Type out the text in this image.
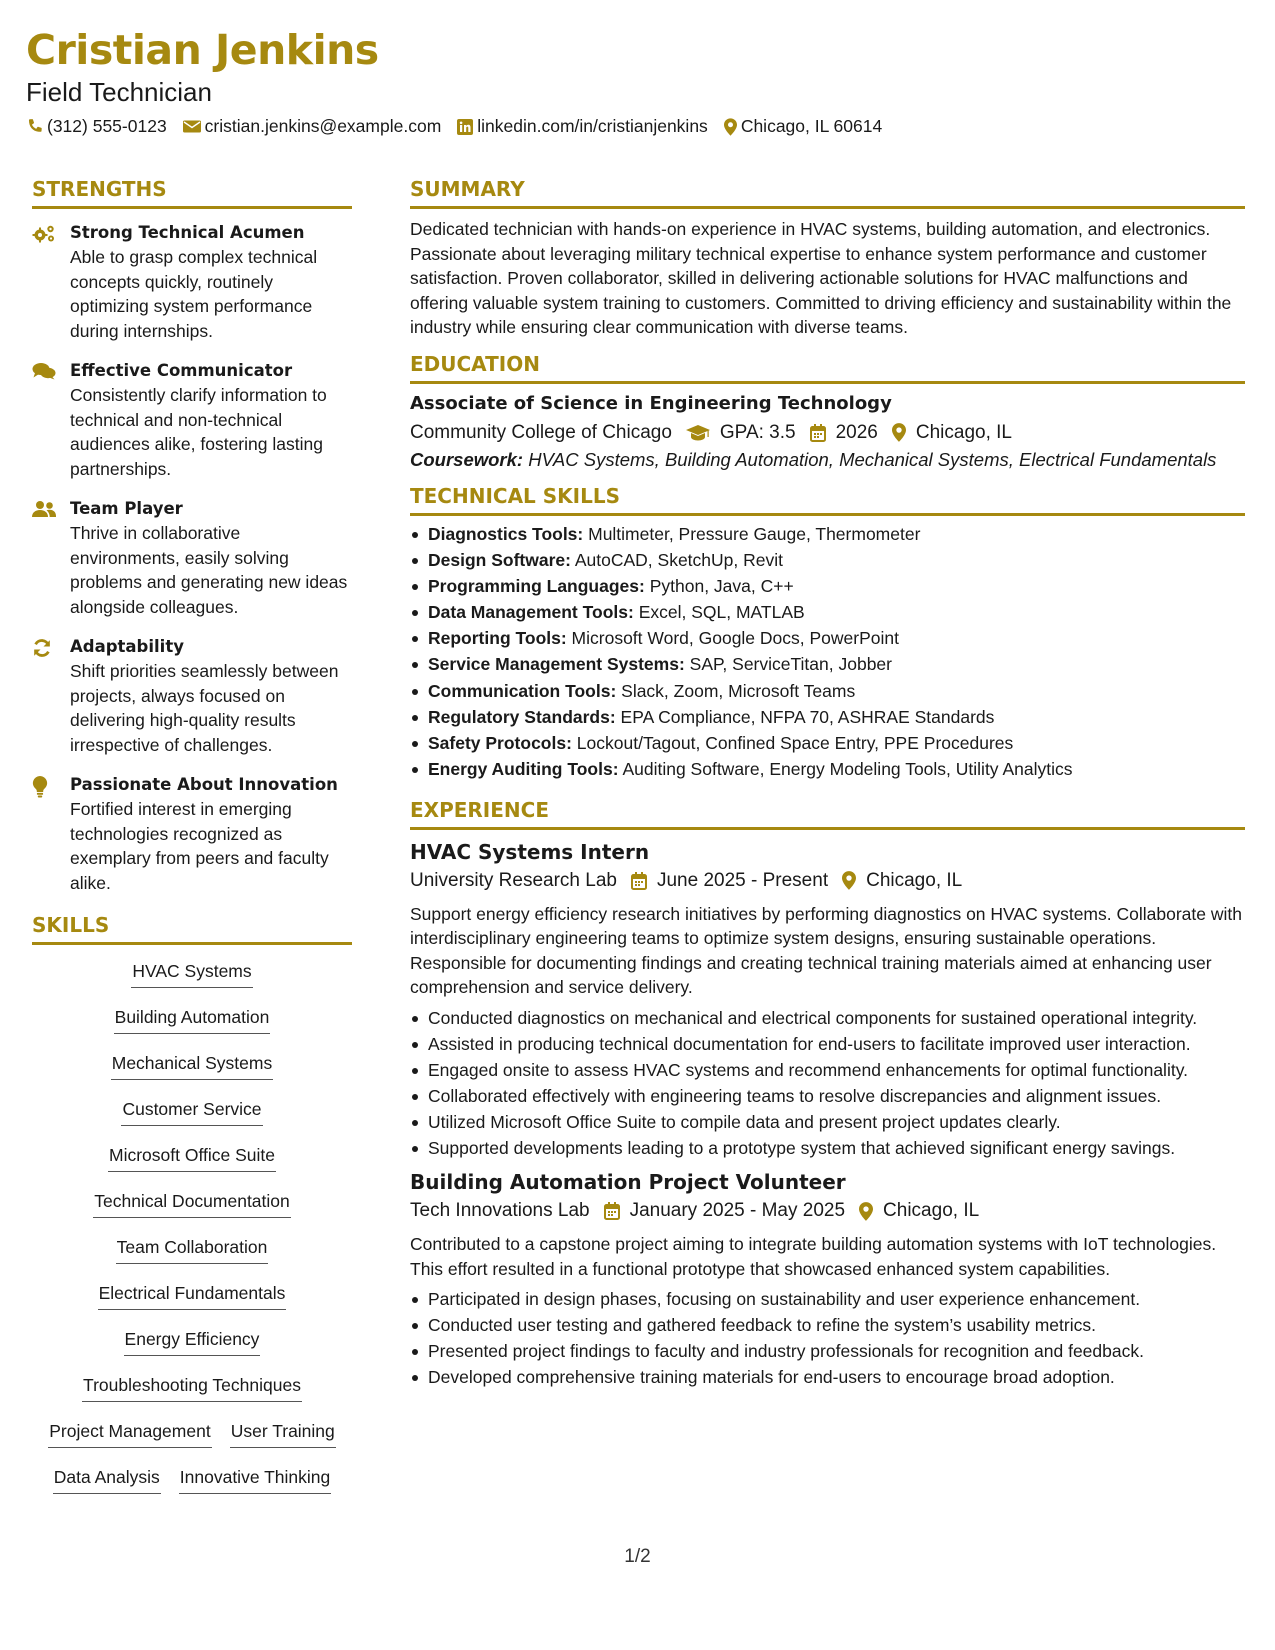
Cristian Jenkins
Field Technician
(312) 555-0123 cristian.jenkins@example.com linkedin.com/in/cristianjenkins Chicago, IL 60614
STRENGTHS
Strong Technical Acumen
Able to grasp complex technical concepts quickly, routinely optimizing system performance during internships.
Effective Communicator
Consistently clarify information to technical and non-technical audiences alike, fostering lasting partnerships.
Team Player
Thrive in collaborative environments, easily solving problems and generating new ideas alongside colleagues.
Adaptability
Shift priorities seamlessly between projects, always focused on delivering high-quality results irrespective of challenges.
Passionate About Innovation
Fortified interest in emerging technologies recognized as exemplary from peers and faculty alike.
SKILLS
HVAC Systems
Building Automation
Mechanical Systems
Customer Service
Microsoft Office Suite
Technical Documentation
Team Collaboration
Electrical Fundamentals
Energy Efficiency
Troubleshooting Techniques
Project Management User Training
Data Analysis Innovative Thinking
SUMMARY
Dedicated technician with hands-on experience in HVAC systems, building automation, and electronics. Passionate about leveraging military technical expertise to enhance system performance and customer satisfaction. Proven collaborator, skilled in delivering actionable solutions for HVAC malfunctions and offering valuable system training to customers. Committed to driving efficiency and sustainability within the industry while ensuring clear communication with diverse teams.
EDUCATION
Associate of Science in Engineering Technology
Community College of Chicago	GPA: 3.5 2026 Chicago, IL
Coursework: HVAC Systems, Building Automation, Mechanical Systems, Electrical Fundamentals
TECHNICAL SKILLS
Diagnostics Tools: Multimeter, Pressure Gauge, Thermometer
Design Software: AutoCAD, SketchUp, Revit
Programming Languages: Python, Java, C++
Data Management Tools: Excel, SQL, MATLAB
Reporting Tools: Microsoft Word, Google Docs, PowerPoint
Service Management Systems: SAP, ServiceTitan, Jobber
Communication Tools: Slack, Zoom, Microsoft Teams
Regulatory Standards: EPA Compliance, NFPA 70, ASHRAE Standards
Safety Protocols: Lockout/Tagout, Confined Space Entry, PPE Procedures
Energy Auditing Tools: Auditing Software, Energy Modeling Tools, Utility Analytics
EXPERIENCE
HVAC Systems Intern
University Research Lab June 2025 - Present Chicago, IL
Support energy efficiency research initiatives by performing diagnostics on HVAC systems. Collaborate with interdisciplinary engineering teams to optimize system designs, ensuring sustainable operations. Responsible for documenting findings and creating technical training materials aimed at enhancing user comprehension and service delivery.
Conducted diagnostics on mechanical and electrical components for sustained operational integrity.
Assisted in producing technical documentation for end-users to facilitate improved user interaction.
Engaged onsite to assess HVAC systems and recommend enhancements for optimal functionality.
Collaborated effectively with engineering teams to resolve discrepancies and alignment issues.
Utilized Microsoft Office Suite to compile data and present project updates clearly.
Supported developments leading to a prototype system that achieved significant energy savings.
Building Automation Project Volunteer
Tech Innovations Lab January 2025 - May 2025 Chicago, IL
Contributed to a capstone project aiming to integrate building automation systems with IoT technologies. This effort resulted in a functional prototype that showcased enhanced system capabilities.
Participated in design phases, focusing on sustainability and user experience enhancement.
Conducted user testing and gathered feedback to refine the system’s usability metrics.
Presented project findings to faculty and industry professionals for recognition and feedback.
Developed comprehensive training materials for end-users to encourage broad adoption.
1/2
